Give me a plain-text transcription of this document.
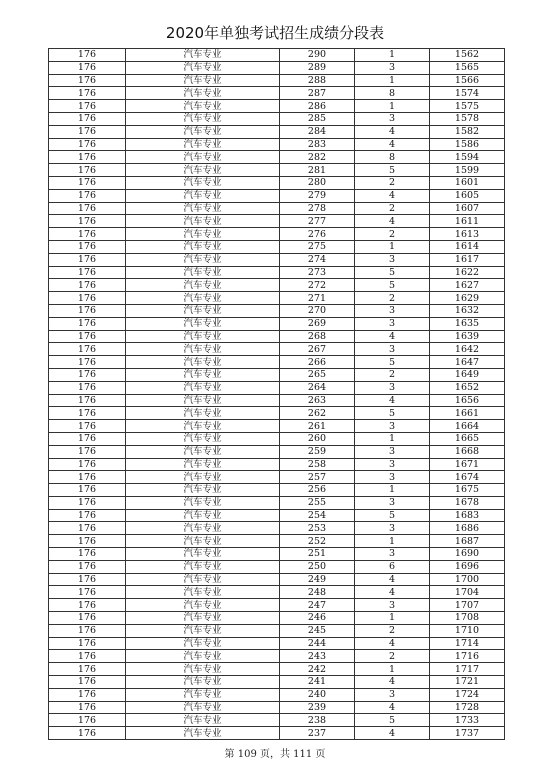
2020年单独考试招生成绩分段表
176	汽车专业	290	1	1562
176	汽车专业	289	3	1565
176	汽车专业	288	1	1566
176	汽车专业	287	8	1574
176	汽车专业	286	1	1575
176	汽车专业	285	3	1578
176	汽车专业	284	4	1582
176	汽车专业	283	4	1586
176	汽车专业	282	8	1594
176	汽车专业	281	5	1599
176	汽车专业	280	2	1601
176	汽车专业	279	4	1605
176	汽车专业	278	2	1607
176	汽车专业	277	4	1611
176	汽车专业	276	2	1613
176	汽车专业	275	1	1614
176	汽车专业	274	3	1617
176	汽车专业	273	5	1622
176	汽车专业	272	5	1627
176	汽车专业	271	2	1629
176	汽车专业	270	3	1632
176	汽车专业	269	3	1635
176	汽车专业	268	4	1639
176	汽车专业	267	3	1642
176	汽车专业	266	5	1647
176	汽车专业	265	2	1649
176	汽车专业	264	3	1652
176	汽车专业	263	4	1656
176	汽车专业	262	5	1661
176	汽车专业	261	3	1664
176	汽车专业	260	1	1665
176	汽车专业	259	3	1668
176	汽车专业	258	3	1671
176	汽车专业	257	3	1674
176	汽车专业	256	1	1675
176	汽车专业	255	3	1678
176	汽车专业	254	5	1683
176	汽车专业	253	3	1686
176	汽车专业	252	1	1687
176	汽车专业	251	3	1690
176	汽车专业	250	6	1696
176	汽车专业	249	4	1700
176	汽车专业	248	4	1704
176	汽车专业	247	3	1707
176	汽车专业	246	1	1708
176	汽车专业	245	2	1710
176	汽车专业	244	4	1714
176	汽车专业	243	2	1716
176	汽车专业	242	1	1717
176	汽车专业	241	4	1721
176	汽车专业	240	3	1724
176	汽车专业	239	4	1728
176	汽车专业	238	5	1733
176	汽车专业	237	4	1737
第 109 页，共 111 页
